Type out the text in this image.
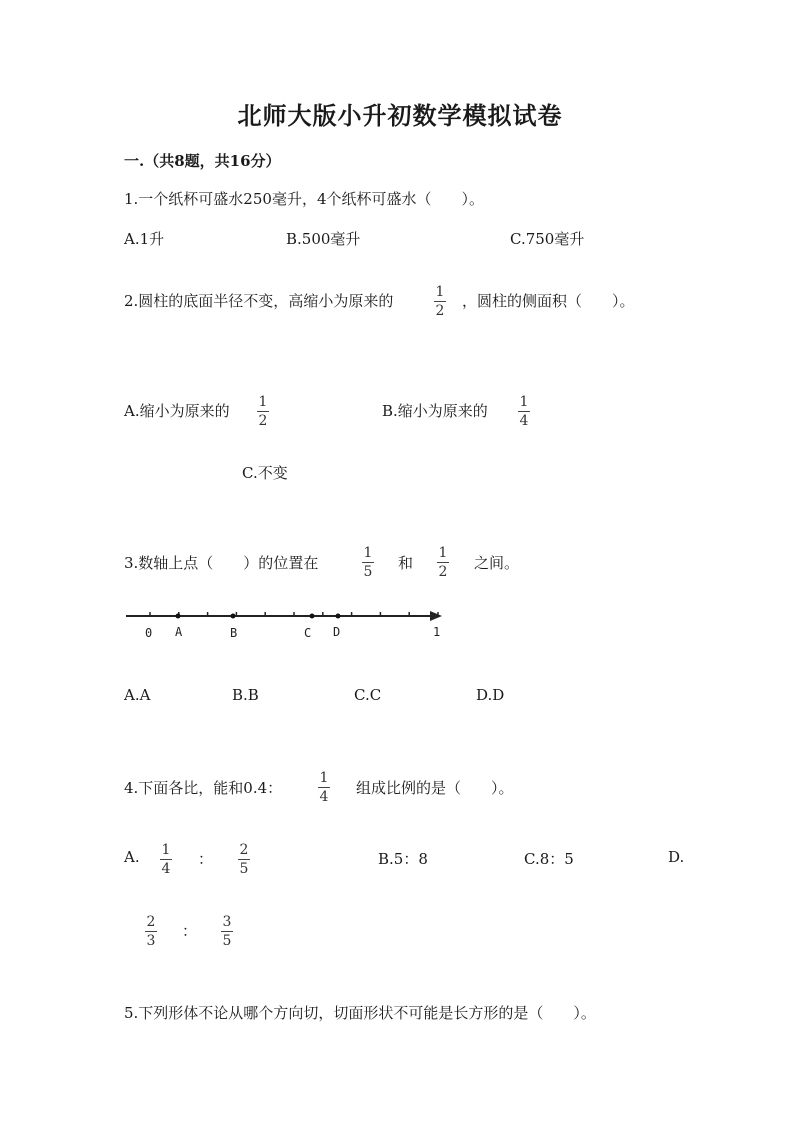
北师大版小升初数学模拟试卷
一.（共8题，共16分）
1.一个纸杯可盛水250毫升，4个纸杯可盛水（　　）。
A.1升	B.500毫升	C.750毫升
2.圆柱的底面半径不变，高缩小为原来的	1
2
，圆柱的侧面积（　　）。
A.缩小为原来的 1
2
B.缩小为原来的 1
4
C.不变
3.数轴上点（　　）的位置在
1
5 和
1
2 之间。
0 A	B	C D	1
A.A	B.B	C.C	D.D
4.下面各比，能和0.4：
1
4 组成比例的是（　　）。
A. 1
4
： 2
5
B.5：8	C.8：5	D.
2
3
： 3
5
5.下列形体不论从哪个方向切，切面形状不可能是长方形的是（　　）。
